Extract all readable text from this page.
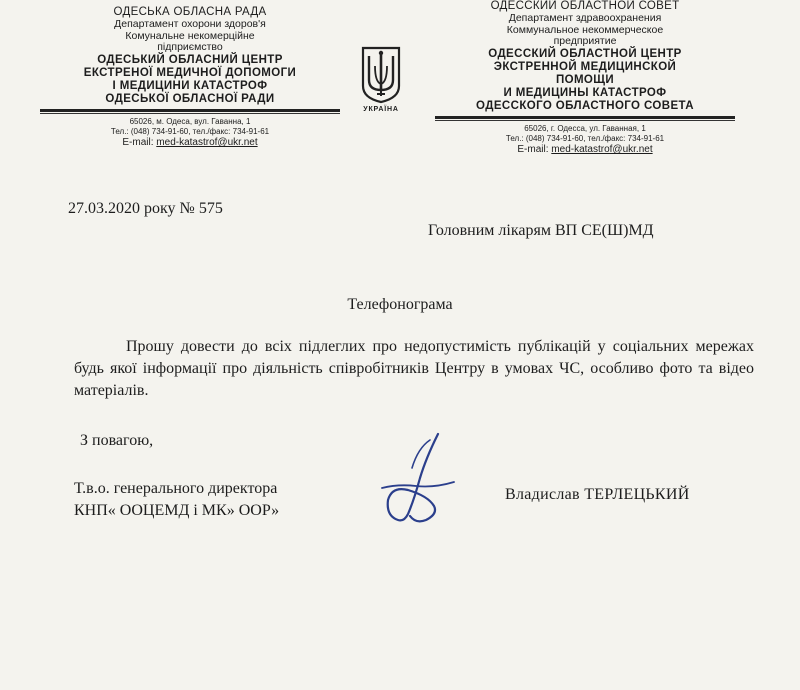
ОДЕСЬКА ОБЛАСНА РАДА
Департамент охорони здоров'я
Комунальне некомерційне
підприємство
ОДЕСЬКИЙ ОБЛАСНИЙ ЦЕНТР
ЕКСТРЕНОЇ МЕДИЧНОЇ ДОПОМОГИ
І МЕДИЦИНИ КАТАСТРОФ
ОДЕСЬКОЇ ОБЛАСНОЇ РАДИ
65026, м. Одеса, вул. Гаванна, 1
Тел.: (048) 734-91-60, тел./факс: 734-91-61
E-mail: med-katastrof@ukr.net
УКРАЇНА
ОДЕССКИЙ ОБЛАСТНОЙ СОВЕТ
Департамент здравоохранения
Коммунальное некоммерческое
предприятие
ОДЕССКИЙ ОБЛАСТНОЙ ЦЕНТР
ЭКСТРЕННОЙ МЕДИЦИНСКОЙ
ПОМОЩИ
И МЕДИЦИНЫ КАТАСТРОФ
ОДЕССКОГО ОБЛАСТНОГО СОВЕТА
65026, г. Одесса, ул. Гаванная, 1
Тел.: (048) 734-91-60, тел./факс: 734-91-61
E-mail: med-katastrof@ukr.net
27.03.2020 року № 575
Головним лікарям ВП СЕ(Ш)МД
Телефонограма

Прошу довести до всіх підлеглих про недопустимість публікацій у соціальних мережах будь якої інформації про діяльність співробітників Центру в умовах ЧС, особливо фото та відео матеріалів.

З повагою,
Т.в.о. генерального директора
КНП« ООЦЕМД і МК» ООР»
Владислав ТЕРЛЕЦЬКИЙ
